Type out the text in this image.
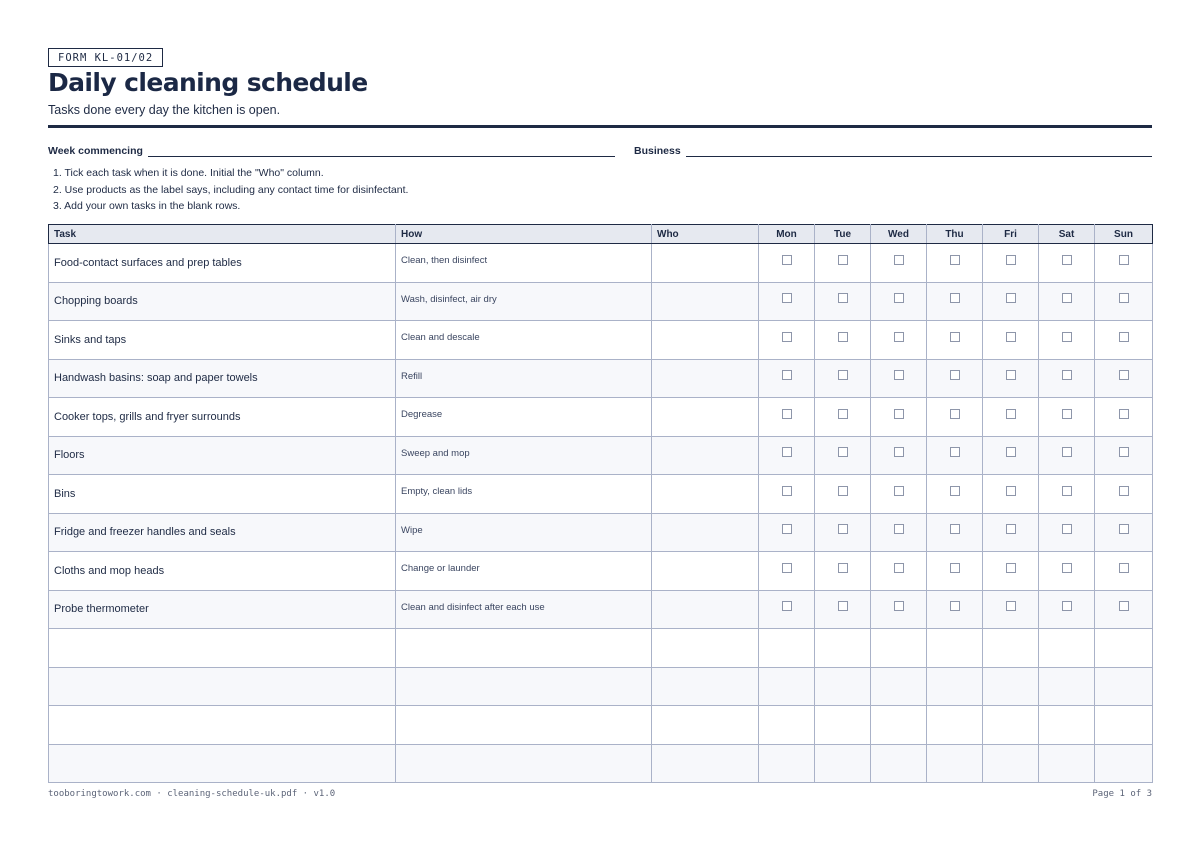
FORM KL-01/02
Daily cleaning schedule
Tasks done every day the kitchen is open.
Week commencing	Business
1. Tick each task when it is done. Initial the "Who" column.
2. Use products as the label says, including any contact time for disinfectant.
3. Add your own tasks in the blank rows.
Task	How	Who	Mon	Tue	Wed	Thu	Fri	Sat	Sun
Food-contact surfaces and prep tables	Clean, then disinfect								
Chopping boards	Wash, disinfect, air dry								
Sinks and taps	Clean and descale								
Handwash basins: soap and paper towels	Refill								
Cooker tops, grills and fryer surrounds	Degrease								
Floors	Sweep and mop								
Bins	Empty, clean lids								
Fridge and freezer handles and seals	Wipe								
Cloths and mop heads	Change or launder								
Probe thermometer	Clean and disinfect after each use								

tooboringtowork.com · cleaning-schedule-uk.pdf · v1.0	Page 1 of 3
